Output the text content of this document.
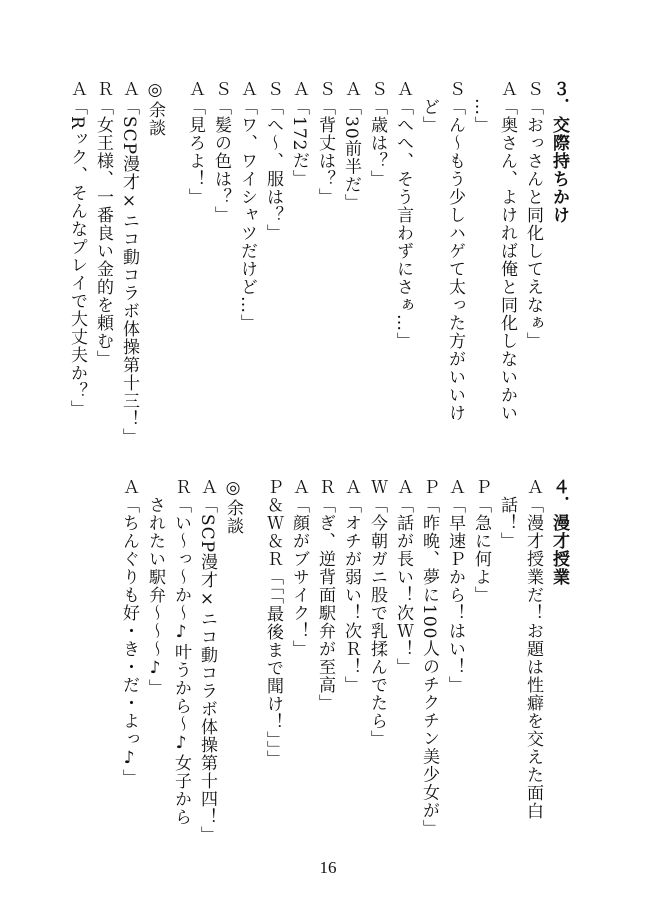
３．交際持ちかけ
Ｓ「おっさんと同化してえなぁ」
Ａ「奥さん、よければ俺と同化しないかい
　…」
Ｓ「ん～もう少しハゲて太った方がいいけ
　ど」
Ａ「へへ、そう言わずにさぁ…」
Ｓ「歳は？」
Ａ「30前半だ」
Ｓ「背丈は？」
Ａ「172だ」
Ｓ「へ～、服は？」
Ａ「ワ、ワイシャツだけど…」
Ｓ「髪の色は？」
Ａ「見ろよ！」
◎余談
Ａ「SCP漫才×ニコ動コラボ体操第十三！」
Ｒ「女王様、一番良い金的を頼む」
Ａ「Rック、そんなプレイで大丈夫か？」
４．漫才授業
Ａ「漫才授業だ！お題は性癖を交えた面白
　話！」
Ｐ「急に何よ」
Ａ「早速Ｐから！はい！」
Ｐ「昨晩、夢に100人のチクチン美少女が」
Ａ「話が長い！次Ｗ！」
Ｗ「今朝ガニ股で乳揉んでたら」
Ａ「オチが弱い！次Ｒ！」
Ｒ「ぎ、逆背面駅弁が至高」
Ａ「顔がブサイク！」
Ｐ＆Ｗ＆Ｒ「「「最後まで聞け！」」」
◎余談
Ａ「SCP漫才×ニコ動コラボ体操第十四！」
Ｒ「い～っ～か～♪叶うから～♪女子から
　されたい駅弁～～～♪」
Ａ「ちんぐりも好・き・だ・よっ♪」
16
